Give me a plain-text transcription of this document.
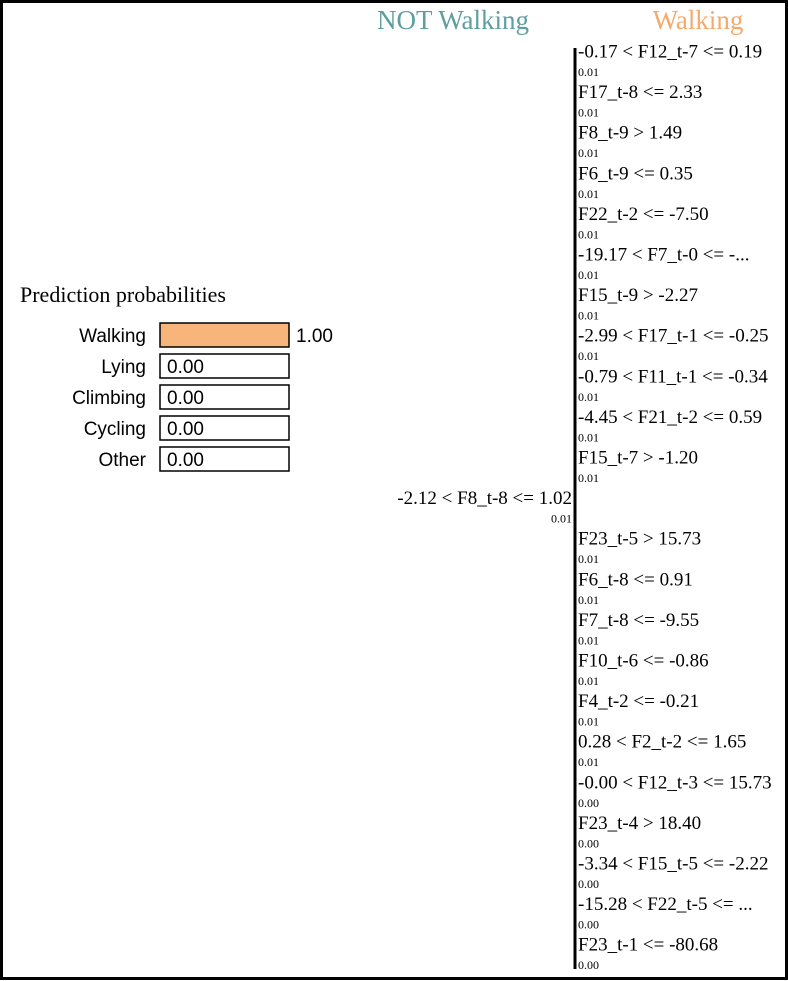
Prediction probabilities
Walking	1.00
Lying 0.00
Climbing 0.00
Cycling 0.00
Other 0.00
NOT Walking	Walking
-0.17 < F12_t-7 <= 0.19
0.01
F17_t-8 <= 2.33
0.01
F8_t-9 > 1.49
0.01
F6_t-9 <= 0.35
0.01
F22_t-2 <= -7.50
0.01
-19.17 < F7_t-0 <= -...
0.01
F15_t-9 > -2.27
0.01
-2.99 < F17_t-1 <= -0.25
0.01
-0.79 < F11_t-1 <= -0.34
0.01
-4.45 < F21_t-2 <= 0.59
0.01
F15_t-7 > -1.20
0.01
-2.12 < F8_t-8 <= 1.02
0.01
F23_t-5 > 15.73
0.01
F6_t-8 <= 0.91
0.01
F7_t-8 <= -9.55
0.01
F10_t-6 <= -0.86
0.01
F4_t-2 <= -0.21
0.01
0.28 < F2_t-2 <= 1.65
0.01
-0.00 < F12_t-3 <= 15.73
0.00
F23_t-4 > 18.40
0.00
-3.34 < F15_t-5 <= -2.22
0.00
-15.28 < F22_t-5 <= ...
0.00
F23_t-1 <= -80.68
0.00
